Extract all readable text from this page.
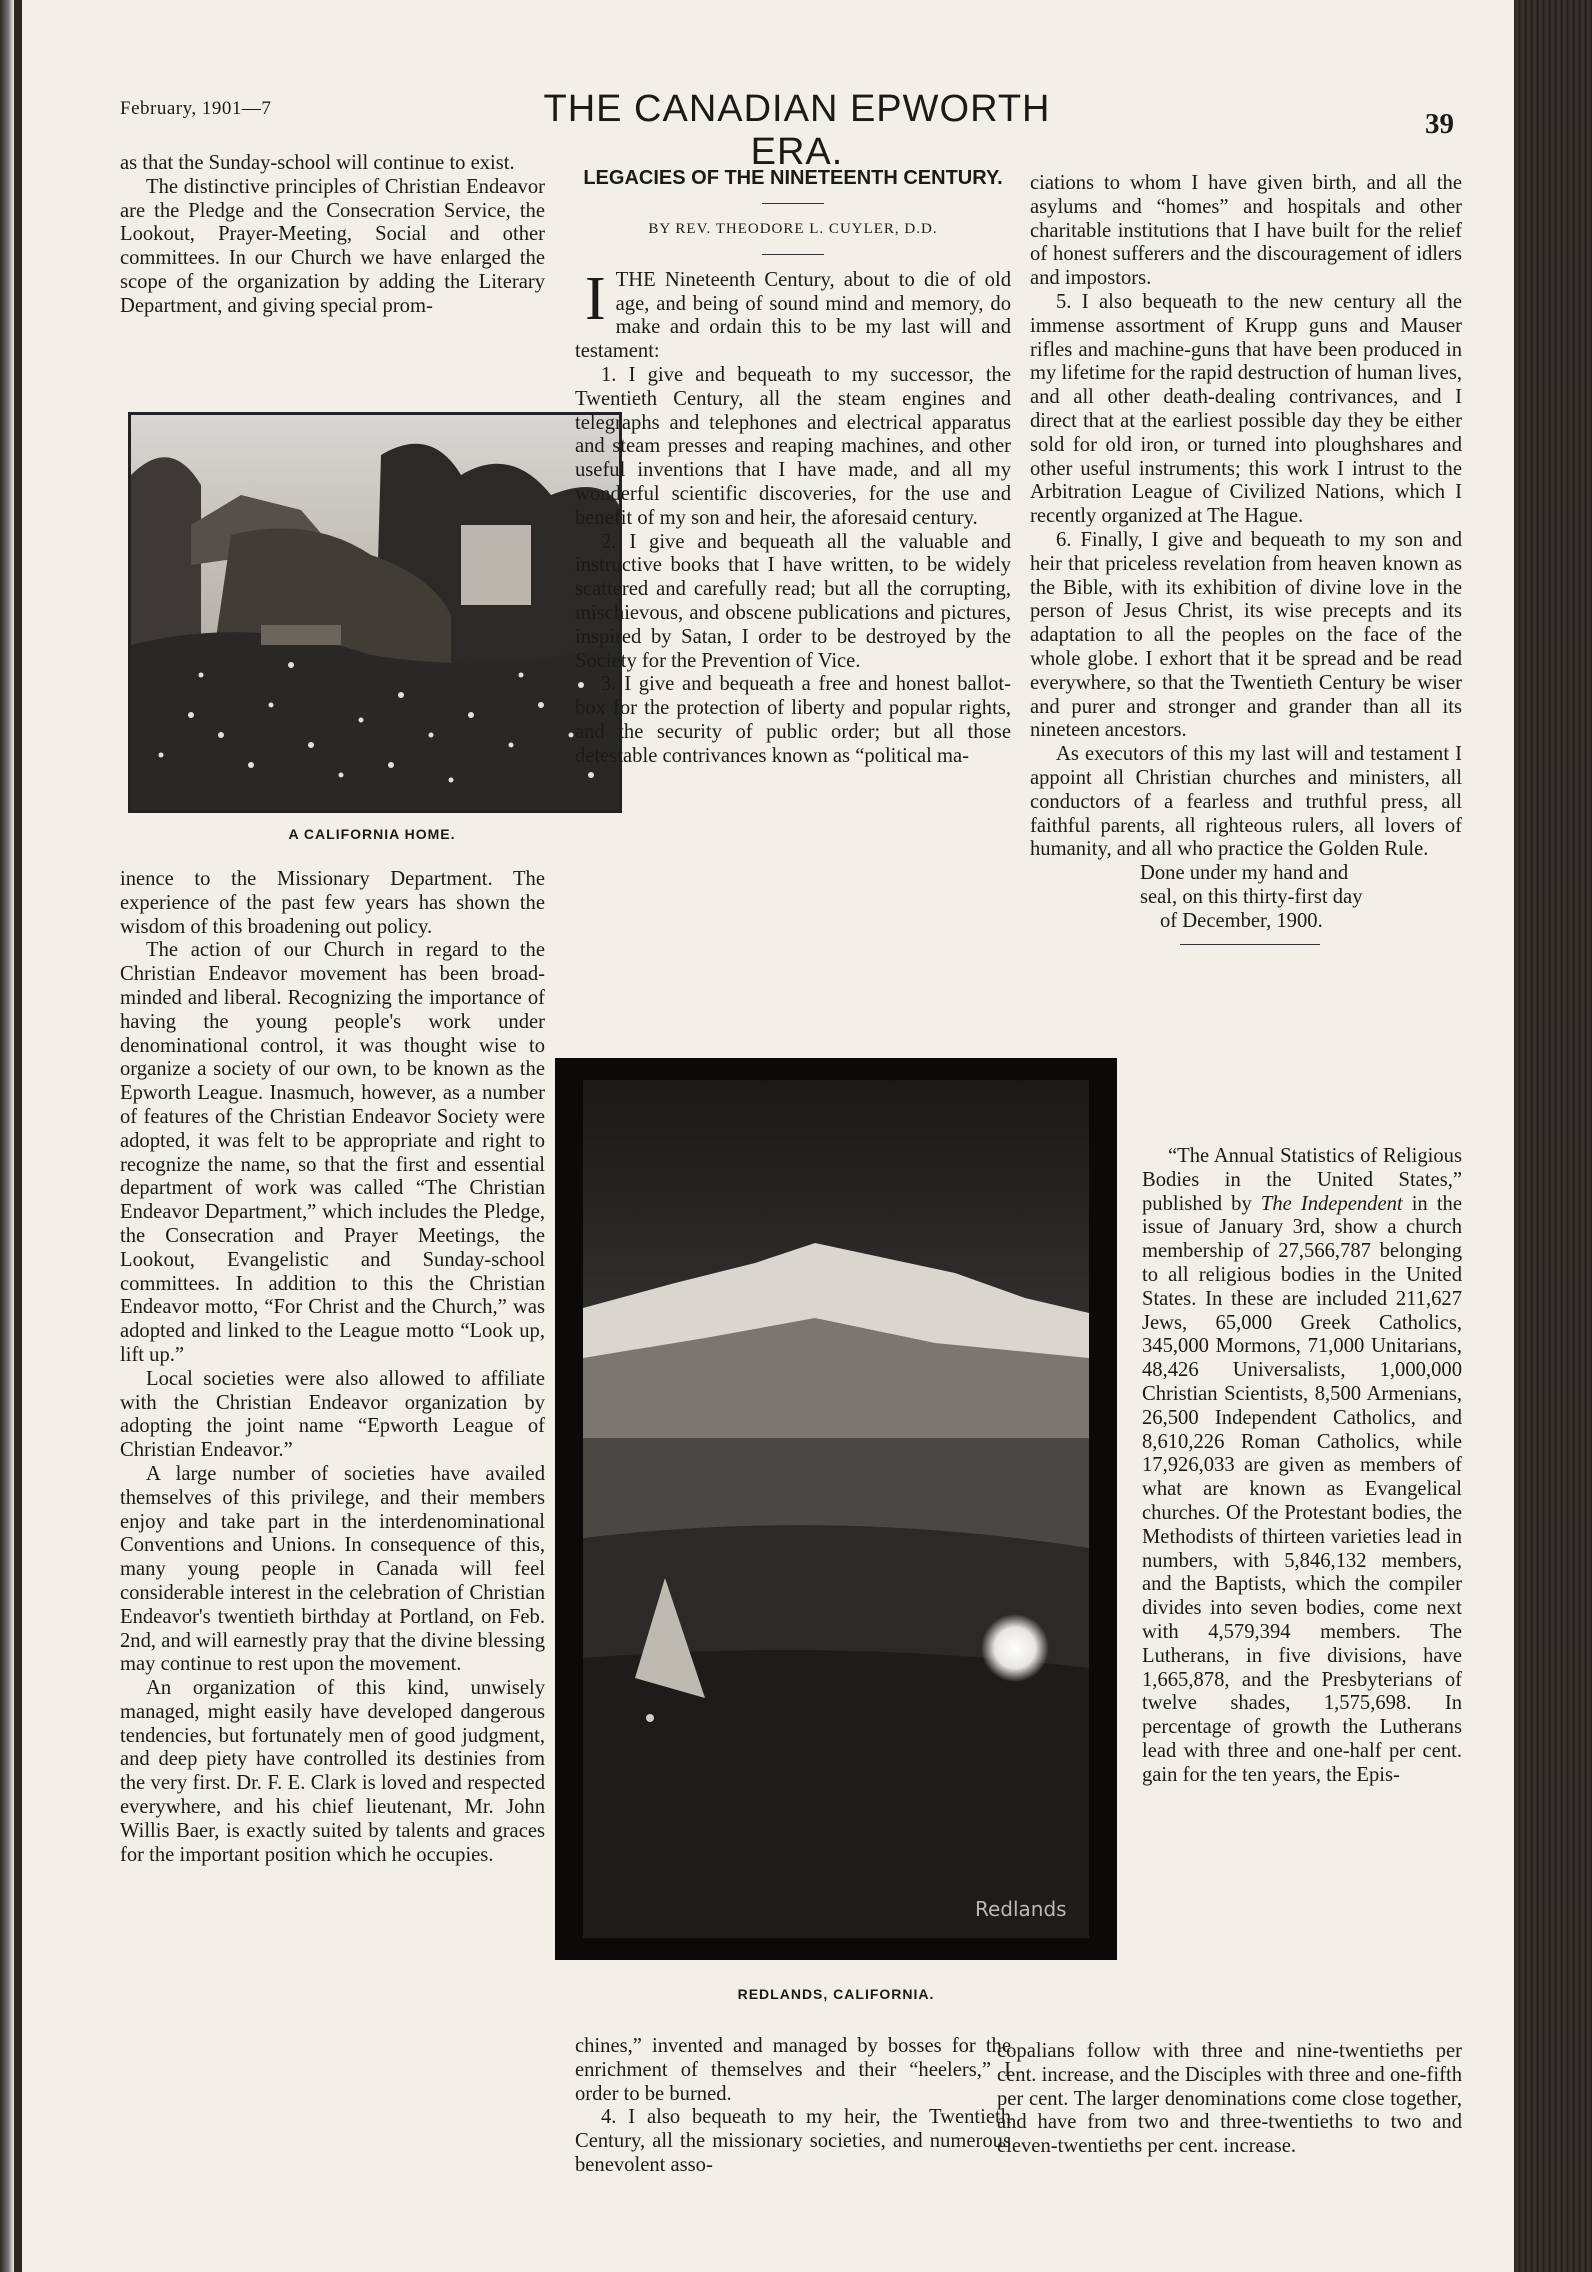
February, 1901—7	THE CANADIAN EPWORTH ERA.
39

as that the Sunday-school will continue to exist.

The distinctive principles of Christian Endeavor are the Pledge and the Consecration Service, the Lookout, Prayer-Meeting, Social and other committees. In our Church we have enlarged the scope of the organization by adding the Literary Department, and giving special prom-

A CALIFORNIA HOME.

inence to the Missionary Department. The experience of the past few years has shown the wisdom of this broadening out policy.

The action of our Church in regard to the Christian Endeavor movement has been broad-minded and liberal. Recognizing the importance of having the young people's work under denominational control, it was thought wise to organize a society of our own, to be known as the Epworth League. Inasmuch, however, as a number of features of the Christian Endeavor Society were adopted, it was felt to be appropriate and right to recognize the name, so that the first and essential department of work was called “The Christian Endeavor Department,” which includes the Pledge, the Consecration and Prayer Meetings, the Lookout, Evangelistic and Sunday-school committees. In addition to this the Christian Endeavor motto, “For Christ and the Church,” was adopted and linked to the League motto “Look up, lift up.”

Local societies were also allowed to affiliate with the Christian Endeavor organization by adopting the joint name “Epworth League of Christian Endeavor.”

A large number of societies have availed themselves of this privilege, and their members enjoy and take part in the interdenominational Conventions and Unions. In consequence of this, many young people in Canada will feel considerable interest in the celebration of Christian Endeavor's twentieth birthday at Portland, on Feb. 2nd, and will earnestly pray that the divine blessing may continue to rest upon the movement.

An organization of this kind, unwisely managed, might easily have developed dangerous tendencies, but fortunately men of good judgment, and deep piety have controlled its destinies from the very first. Dr. F. E. Clark is loved and respected everywhere, and his chief lieutenant, Mr. John Willis Baer, is exactly suited by talents and graces for the important position which he occupies.

LEGACIES OF THE NINETEENTH CENTURY.
BY REV. THEODORE L. CUYLER, D.D.

ITHE Nineteenth Century, about to die of old age, and being of sound mind and memory, do make and ordain this to be my last will and testament:

1. I give and bequeath to my successor, the Twentieth Century, all the steam engines and telegraphs and telephones and electrical apparatus and steam presses and reaping machines, and other useful inventions that I have made, and all my wonderful scientific discoveries, for the use and benefit of my son and heir, the aforesaid century.

2. I give and bequeath all the valuable and instructive books that I have written, to be widely scattered and carefully read; but all the corrupting, mischievous, and obscene publications and pictures, inspired by Satan, I order to be destroyed by the Society for the Prevention of Vice.

3. I give and bequeath a free and honest ballot-box for the protection of liberty and popular rights, and the security of public order; but all those detestable contrivances known as “political ma-

Redlands
REDLANDS, CALIFORNIA.

chines,” invented and managed by bosses for the enrichment of themselves and their “heelers,” I order to be burned.

4. I also bequeath to my heir, the Twentieth Century, all the missionary societies, and numerous benevolent asso-

ciations to whom I have given birth, and all the asylums and “homes” and hospitals and other charitable institutions that I have built for the relief of honest sufferers and the discouragement of idlers and impostors.

5. I also bequeath to the new century all the immense assortment of Krupp guns and Mauser rifles and machine-guns that have been produced in my lifetime for the rapid destruction of human lives, and all other death-dealing contrivances, and I direct that at the earliest possible day they be either sold for old iron, or turned into ploughshares and other useful instruments; this work I intrust to the Arbitration League of Civilized Nations, which I recently organized at The Hague.

6. Finally, I give and bequeath to my son and heir that priceless revelation from heaven known as the Bible, with its exhibition of divine love in the person of Jesus Christ, its wise precepts and its adaptation to all the peoples on the face of the whole globe. I exhort that it be spread and be read everywhere, so that the Twentieth Century be wiser and purer and stronger and grander than all its nineteen ancestors.

As executors of this my last will and testament I appoint all Christian churches and ministers, all conductors of a fearless and truthful press, all faithful parents, all righteous rulers, all lovers of humanity, and all who practice the Golden Rule.

Done under my hand and
seal, on this thirty-first day
of December, 1900.

“The Annual Statistics of Religious Bodies in the United States,” published by The Independent in the issue of January 3rd, show a church membership of 27,566,787 belonging to all religious bodies in the United States. In these are included 211,627 Jews, 65,000 Greek Catholics, 345,000 Mormons, 71,000 Unitarians, 48,426 Universalists, 1,000,000 Christian Scientists, 8,500 Armenians, 26,500 Independent Catholics, and 8,610,226 Roman Catholics, while 17,926,033 are given as members of what are known as Evangelical churches. Of the Protestant bodies, the Methodists of thirteen varieties lead in numbers, with 5,846,132 members, and the Baptists, which the compiler divides into seven bodies, come next with 4,579,394 members. The Lutherans, in five divisions, have 1,665,878, and the Presbyterians of twelve shades, 1,575,698. In percentage of growth the Lutherans lead with three and one-half per cent. gain for the ten years, the Epis-

copalians follow with three and nine-twentieths per cent. increase, and the Disciples with three and one-fifth per cent. The larger denominations come close together, and have from two and three-twentieths to two and eleven-twentieths per cent. increase.
